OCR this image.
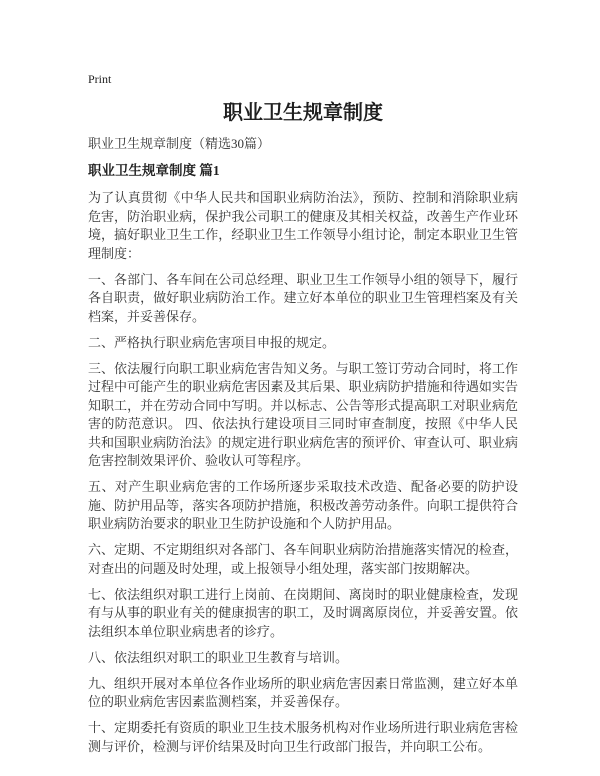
Print
职业卫生规章制度
职业卫生规章制度（精选30篇）
职业卫生规章制度 篇1

为了认真贯彻《中华人民共和国职业病防治法》，预防、控制和消除职业病危害，防治职业病，保护我公司职工的健康及其相关权益，改善生产作业环境，搞好职业卫生工作，经职业卫生工作领导小组讨论，制定本职业卫生管理制度：

一、各部门、各车间在公司总经理、职业卫生工作领导小组的领导下，履行各自职责，做好职业病防治工作。建立好本单位的职业卫生管理档案及有关档案，并妥善保存。

二、严格执行职业病危害项目申报的规定。

三、依法履行向职工职业病危害告知义务。与职工签订劳动合同时，将工作过程中可能产生的职业病危害因素及其后果、职业病防护措施和待遇如实告知职工，并在劳动合同中写明。并以标志、公告等形式提高职工对职业病危害的防范意识。 四、依法执行建设项目三同时审查制度，按照《中华人民共和国职业病防治法》的规定进行职业病危害的预评价、审查认可、职业病危害控制效果评价、验收认可等程序。

五、对产生职业病危害的工作场所逐步采取技术改造、配备必要的防护设施、防护用品等，落实各项防护措施，积极改善劳动条件。向职工提供符合职业病防治要求的职业卫生防护设施和个人防护用品。

六、定期、不定期组织对各部门、各车间职业病防治措施落实情况的检查，对查出的问题及时处理，或上报领导小组处理，落实部门按期解决。

七、依法组织对职工进行上岗前、在岗期间、离岗时的职业健康检查，发现有与从事的职业有关的健康损害的职工，及时调离原岗位，并妥善安置。依法组织本单位职业病患者的诊疗。

八、依法组织对职工的职业卫生教育与培训。

九、组织开展对本单位各作业场所的职业病危害因素日常监测，建立好本单位的职业病危害因素监测档案，并妥善保存。

十、定期委托有资质的职业卫生技术服务机构对作业场所进行职业病危害检测与评价，检测与评价结果及时向卫生行政部门报告，并向职工公布。
